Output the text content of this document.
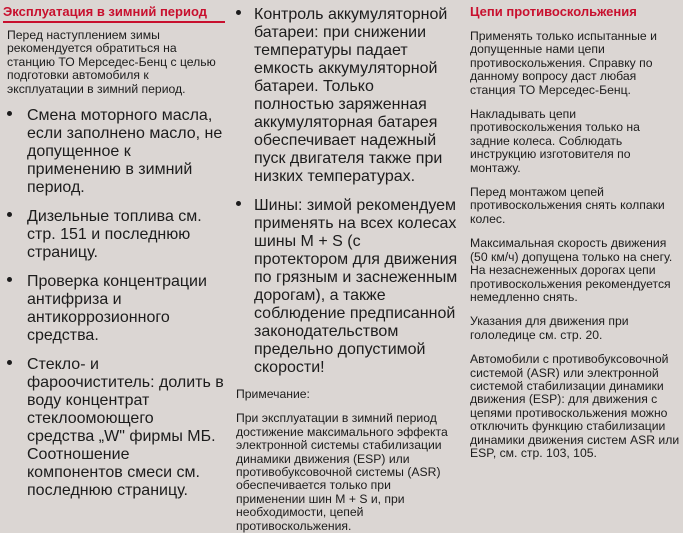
Эксплуатация в зимний период

Перед наступлением зимы рекомендуется обратиться на станцию ТО Мерседес-Бенц с целью подготовки автомобиля к эксплуатации в зимний период.

Смена моторного масла, если заполнено масло, не допущенное к применению в зимний период.
Дизельные топлива см. стр. 151 и последнюю страницу.
Проверка концентрации антифриза и антикоррозионного средства.
Стекло- и фароочиститель: долить в воду концентрат стеклоомоющего средства „W" фирмы МБ. Соотношение компонентов смеси см. последнюю страницу.
Контроль аккумуляторной батареи: при снижении температуры падает емкость аккумуляторной батареи. Только полностью заряженная аккумуляторная батарея обеспечивает надежный пуск двигателя также при низких температурах.
Шины: зимой рекомендуем применять на всех колесах шины M + S (с протектором для движения по грязным и заснеженным дорогам), а также соблюдение предписанной законодательством предельно допустимой скорости!

Примечание:

При эксплуатации в зимний период достижение максимального эффекта электронной системы стабилизации динамики движения (ESP) или противобуксовочной системы (ASR) обеспечивается только при применении шин M + S и, при необходимости, цепей противоскольжения.

Цепи противоскольжения

Применять только испытанные и допущенные нами цепи противоскольжения. Справку по данному вопросу даст любая станция ТО Мерседес-Бенц.

Накладывать цепи противоскольжения только на задние колеса. Соблюдать инструкцию изготовителя по монтажу.

Перед монтажом цепей противоскольжения снять колпаки колес.

Максимальная скорость движения (50 км/ч) допущена только на снегу. На незаснеженных дорогах цепи противоскольжения рекомендуется немедленно снять.

Указания для движения при гололедице см. стр. 20.

Автомобили с противобуксовочной системой (ASR) или электронной системой стабилизации динамики движения (ESP): для движения с цепями противоскольжения можно отключить функцию стабилизации динамики движения систем ASR или ESP, см. стр. 103, 105.
